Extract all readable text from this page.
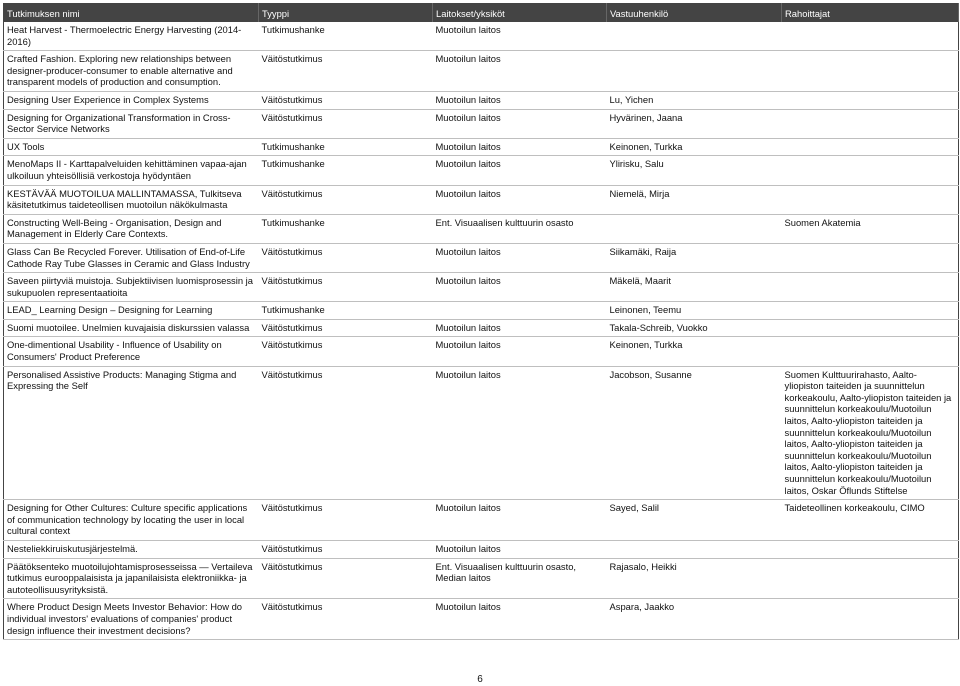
Tutkimuksen nimi	Tyyppi	Laitokset/yksiköt	Vastuuhenkilö	Rahoittajat
Heat Harvest - Thermoelectric Energy Harvesting (2014-2016)	Tutkimushanke	Muotoilun laitos		
Crafted Fashion. Exploring new relationships between designer-producer-consumer to enable alternative and transparent models of production and consumption.	Väitöstutkimus	Muotoilun laitos		
Designing User Experience in Complex Systems	Väitöstutkimus	Muotoilun laitos	Lu, Yichen	
Designing for Organizational Transformation in Cross-Sector Service Networks	Väitöstutkimus	Muotoilun laitos	Hyvärinen, Jaana	
UX Tools	Tutkimushanke	Muotoilun laitos	Keinonen, Turkka	
MenoMaps II - Karttapalveluiden kehittäminen vapaa-ajan ulkoiluun yhteisöllisiä verkostoja hyödyntäen	Tutkimushanke	Muotoilun laitos	Ylirisku, Salu	
KESTÄVÄÄ MUOTOILUA MALLINTAMASSA, Tulkitseva käsitetutkimus taideteollisen muotoilun näkökulmasta	Väitöstutkimus	Muotoilun laitos	Niemelä, Mirja	
Constructing Well-Being - Organisation, Design and Management in Elderly Care Contexts.	Tutkimushanke	Ent. Visuaalisen kulttuurin osasto		Suomen Akatemia
Glass Can Be Recycled Forever. Utilisation of End-of-Life Cathode Ray Tube Glasses in Ceramic and Glass Industry	Väitöstutkimus	Muotoilun laitos	Siikamäki, Raija	
Saveen piirtyviä muistoja. Subjektiivisen luomisprosessin ja sukupuolen representaatioita	Väitöstutkimus	Muotoilun laitos	Mäkelä, Maarit	
LEAD_ Learning Design – Designing for Learning	Tutkimushanke		Leinonen, Teemu	
Suomi muotoilee. Unelmien kuvajaisia diskurssien valassa	Väitöstutkimus	Muotoilun laitos	Takala-Schreib, Vuokko	
One-dimentional Usability - Influence of Usability on Consumers' Product Preference	Väitöstutkimus	Muotoilun laitos	Keinonen, Turkka	
Personalised Assistive Products: Managing Stigma and Expressing the Self	Väitöstutkimus	Muotoilun laitos	Jacobson, Susanne	Suomen Kulttuurirahasto, Aalto-yliopiston taiteiden ja suunnittelun korkeakoulu, Aalto-yliopiston taiteiden ja suunnittelun korkeakoulu/Muotoilun laitos, Aalto-yliopiston taiteiden ja suunnittelun korkeakoulu/Muotoilun laitos, Aalto-yliopiston taiteiden ja suunnittelun korkeakoulu/Muotoilun laitos, Aalto-yliopiston taiteiden ja suunnittelun korkeakoulu/Muotoilun laitos, Oskar Öflunds Stiftelse
Designing for Other Cultures: Culture specific applications of communication technology by locating the user in local cultural context	Väitöstutkimus	Muotoilun laitos	Sayed, Salil	Taideteollinen korkeakoulu, CIMO
Nesteliekkiruiskutusjärjestelmä.	Väitöstutkimus	Muotoilun laitos		
Päätöksenteko muotoilujohtamisprosesseissa — Vertaileva tutkimus eurooppalaisista ja japanilaisista elektroniikka- ja autoteollisuusyrityksistä.	Väitöstutkimus	Ent. Visuaalisen kulttuurin osasto, Median laitos	Rajasalo, Heikki	
Where Product Design Meets Investor Behavior: How do individual investors' evaluations of companies' product design influence their investment decisions?	Väitöstutkimus	Muotoilun laitos	Aspara, Jaakko	
6
